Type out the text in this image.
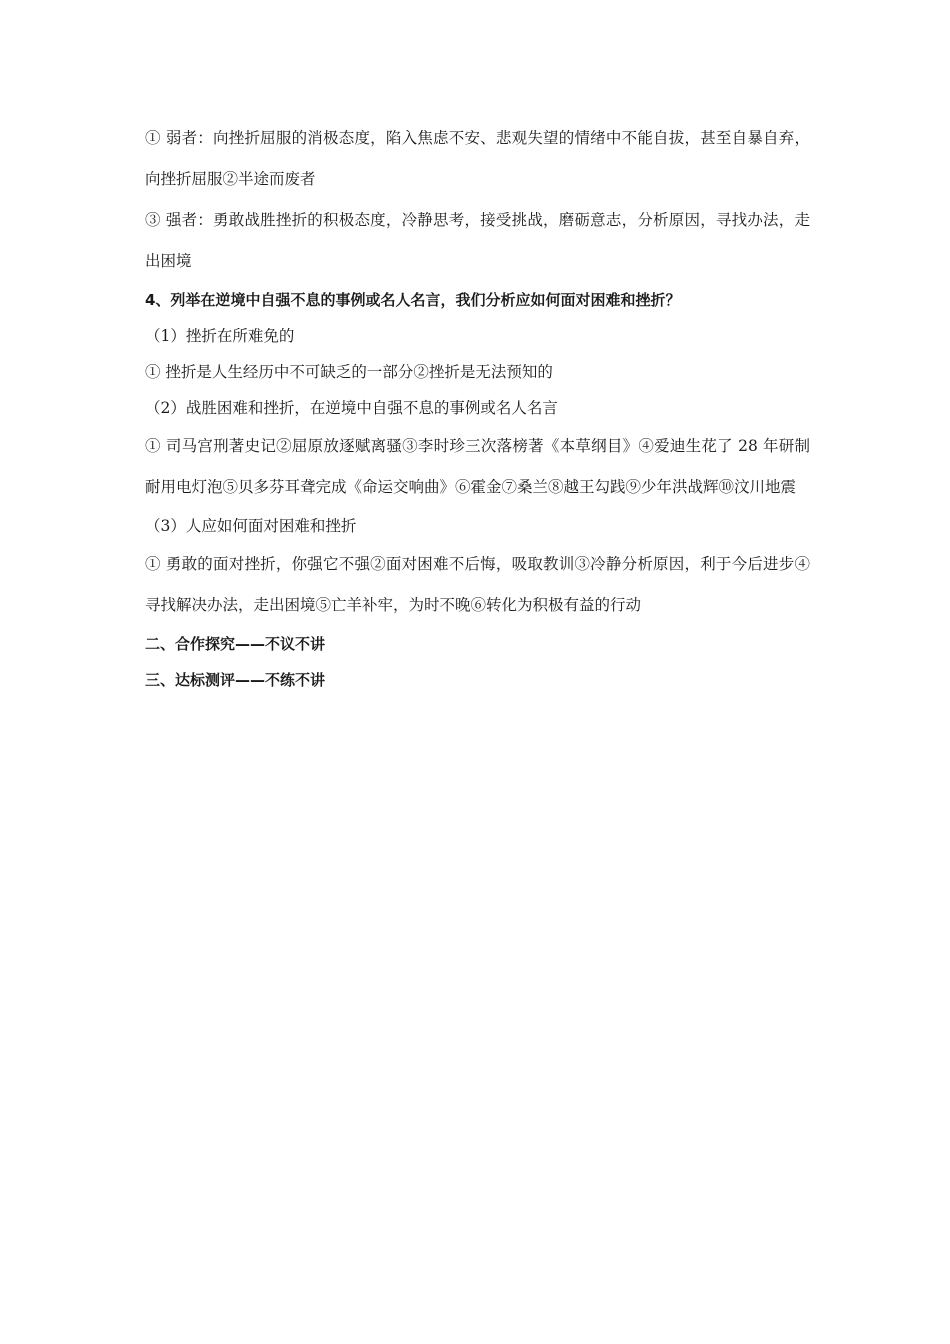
① 弱者：向挫折屈服的消极态度，陷入焦虑不安、悲观失望的情绪中不能自拔，甚至自暴自弃，向挫折屈服②半途而废者

③ 强者：勇敢战胜挫折的积极态度，冷静思考，接受挑战，磨砺意志，分析原因，寻找办法，走出困境

4、列举在逆境中自强不息的事例或名人名言，我们分析应如何面对困难和挫折？

（1）挫折在所难免的

① 挫折是人生经历中不可缺乏的一部分②挫折是无法预知的

（2）战胜困难和挫折，在逆境中自强不息的事例或名人名言

① 司马宫刑著史记②屈原放逐赋离骚③李时珍三次落榜著《本草纲目》④爱迪生花了 28 年研制耐用电灯泡⑤贝多芬耳聋完成《命运交响曲》⑥霍金⑦桑兰⑧越王勾践⑨少年洪战辉⑩汶川地震

（3）人应如何面对困难和挫折

① 勇敢的面对挫折，你强它不强②面对困难不后悔，吸取教训③冷静分析原因，利于今后进步④寻找解决办法，走出困境⑤亡羊补牢，为时不晚⑥转化为积极有益的行动

二、合作探究——不议不讲

三、达标测评——不练不讲
